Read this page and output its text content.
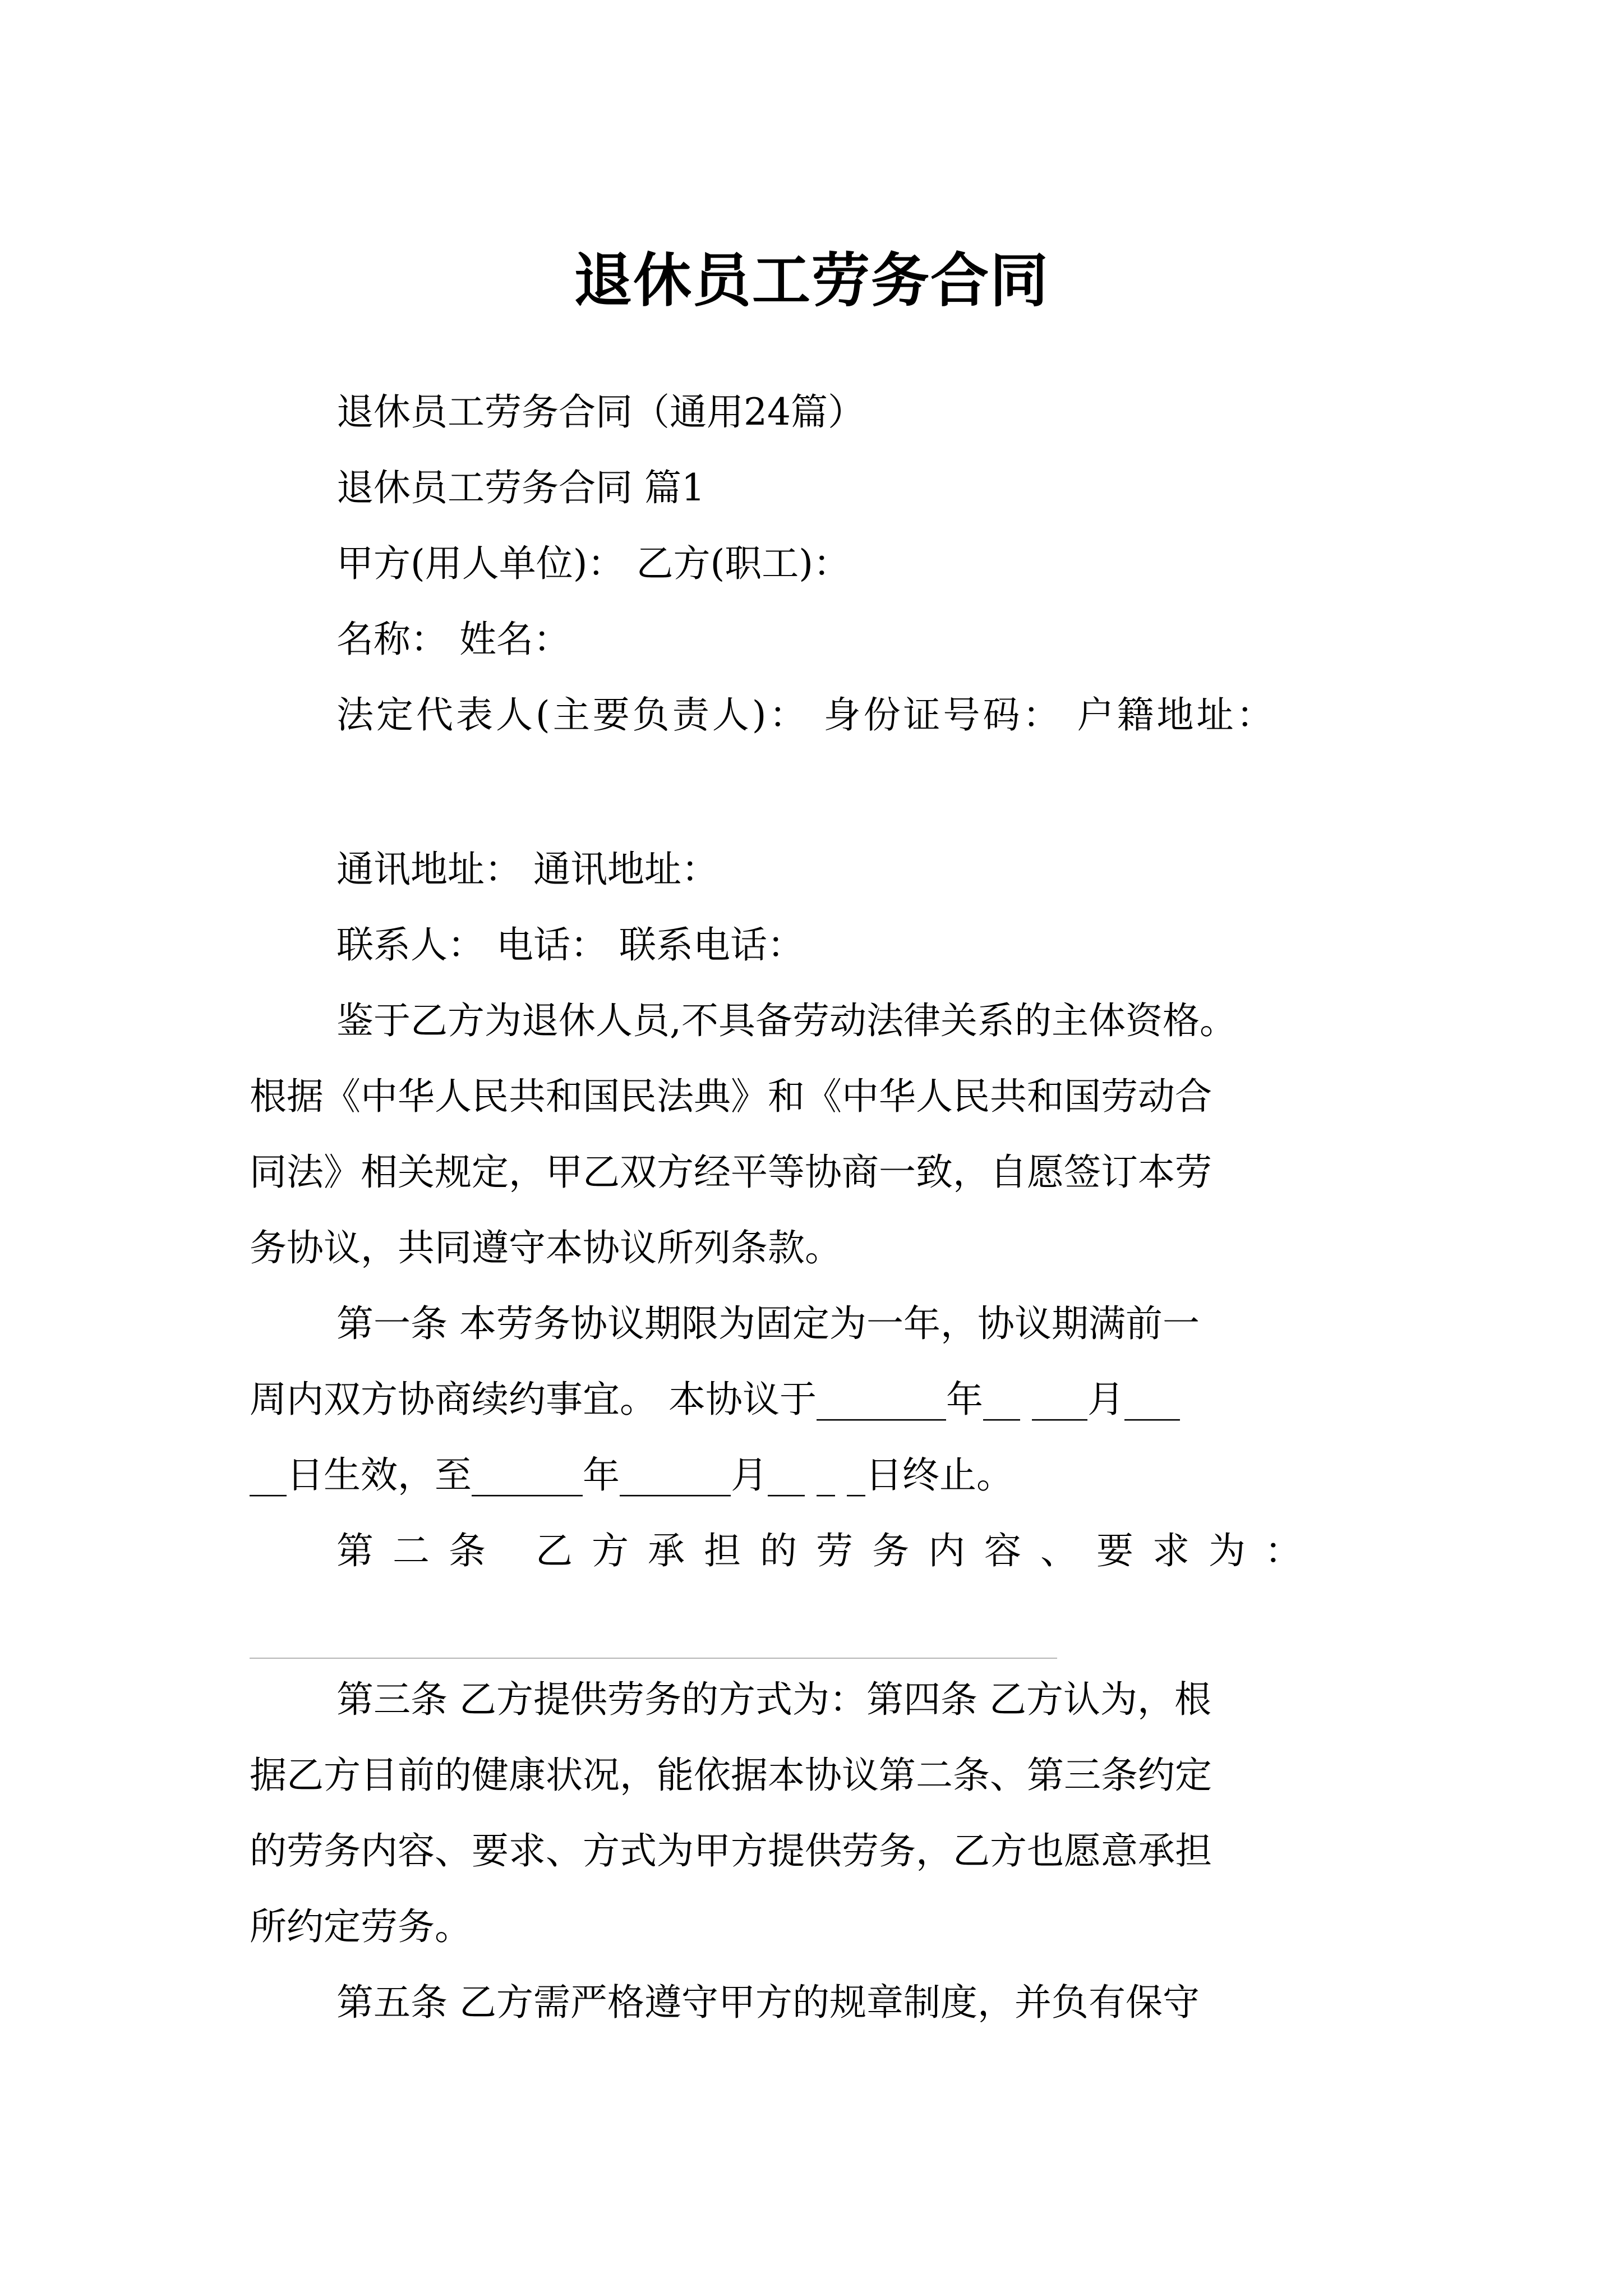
退休员工劳务合同
退休员工劳务合同（通用24篇）
退休员工劳务合同 篇1
甲方(用人单位)： 乙方(职工)：
名称： 姓名：
法定代表人(主要负责人)： 身份证号码： 户籍地址：
通讯地址： 通讯地址：
联系人： 电话： 联系电话：
鉴于乙方为退休人员,不具备劳动法律关系的主体资格。
根据《中华人民共和国民法典》和《中华人民共和国劳动合
同法》相关规定，甲乙双方经平等协商一致，自愿签订本劳
务协议，共同遵守本协议所列条款。
第一条 本劳务协议期限为固定为一年，协议期满前一
周内双方协商续约事宜。 本协议于_______年__ ___月___
__日生效，至______年______月__ _ _日终止。
第二条 乙方承担的劳务内容、要求为：
第三条 乙方提供劳务的方式为：第四条 乙方认为，根
据乙方目前的健康状况，能依据本协议第二条、第三条约定
的劳务内容、要求、方式为甲方提供劳务，乙方也愿意承担
所约定劳务。
第五条 乙方需严格遵守甲方的规章制度，并负有保守
